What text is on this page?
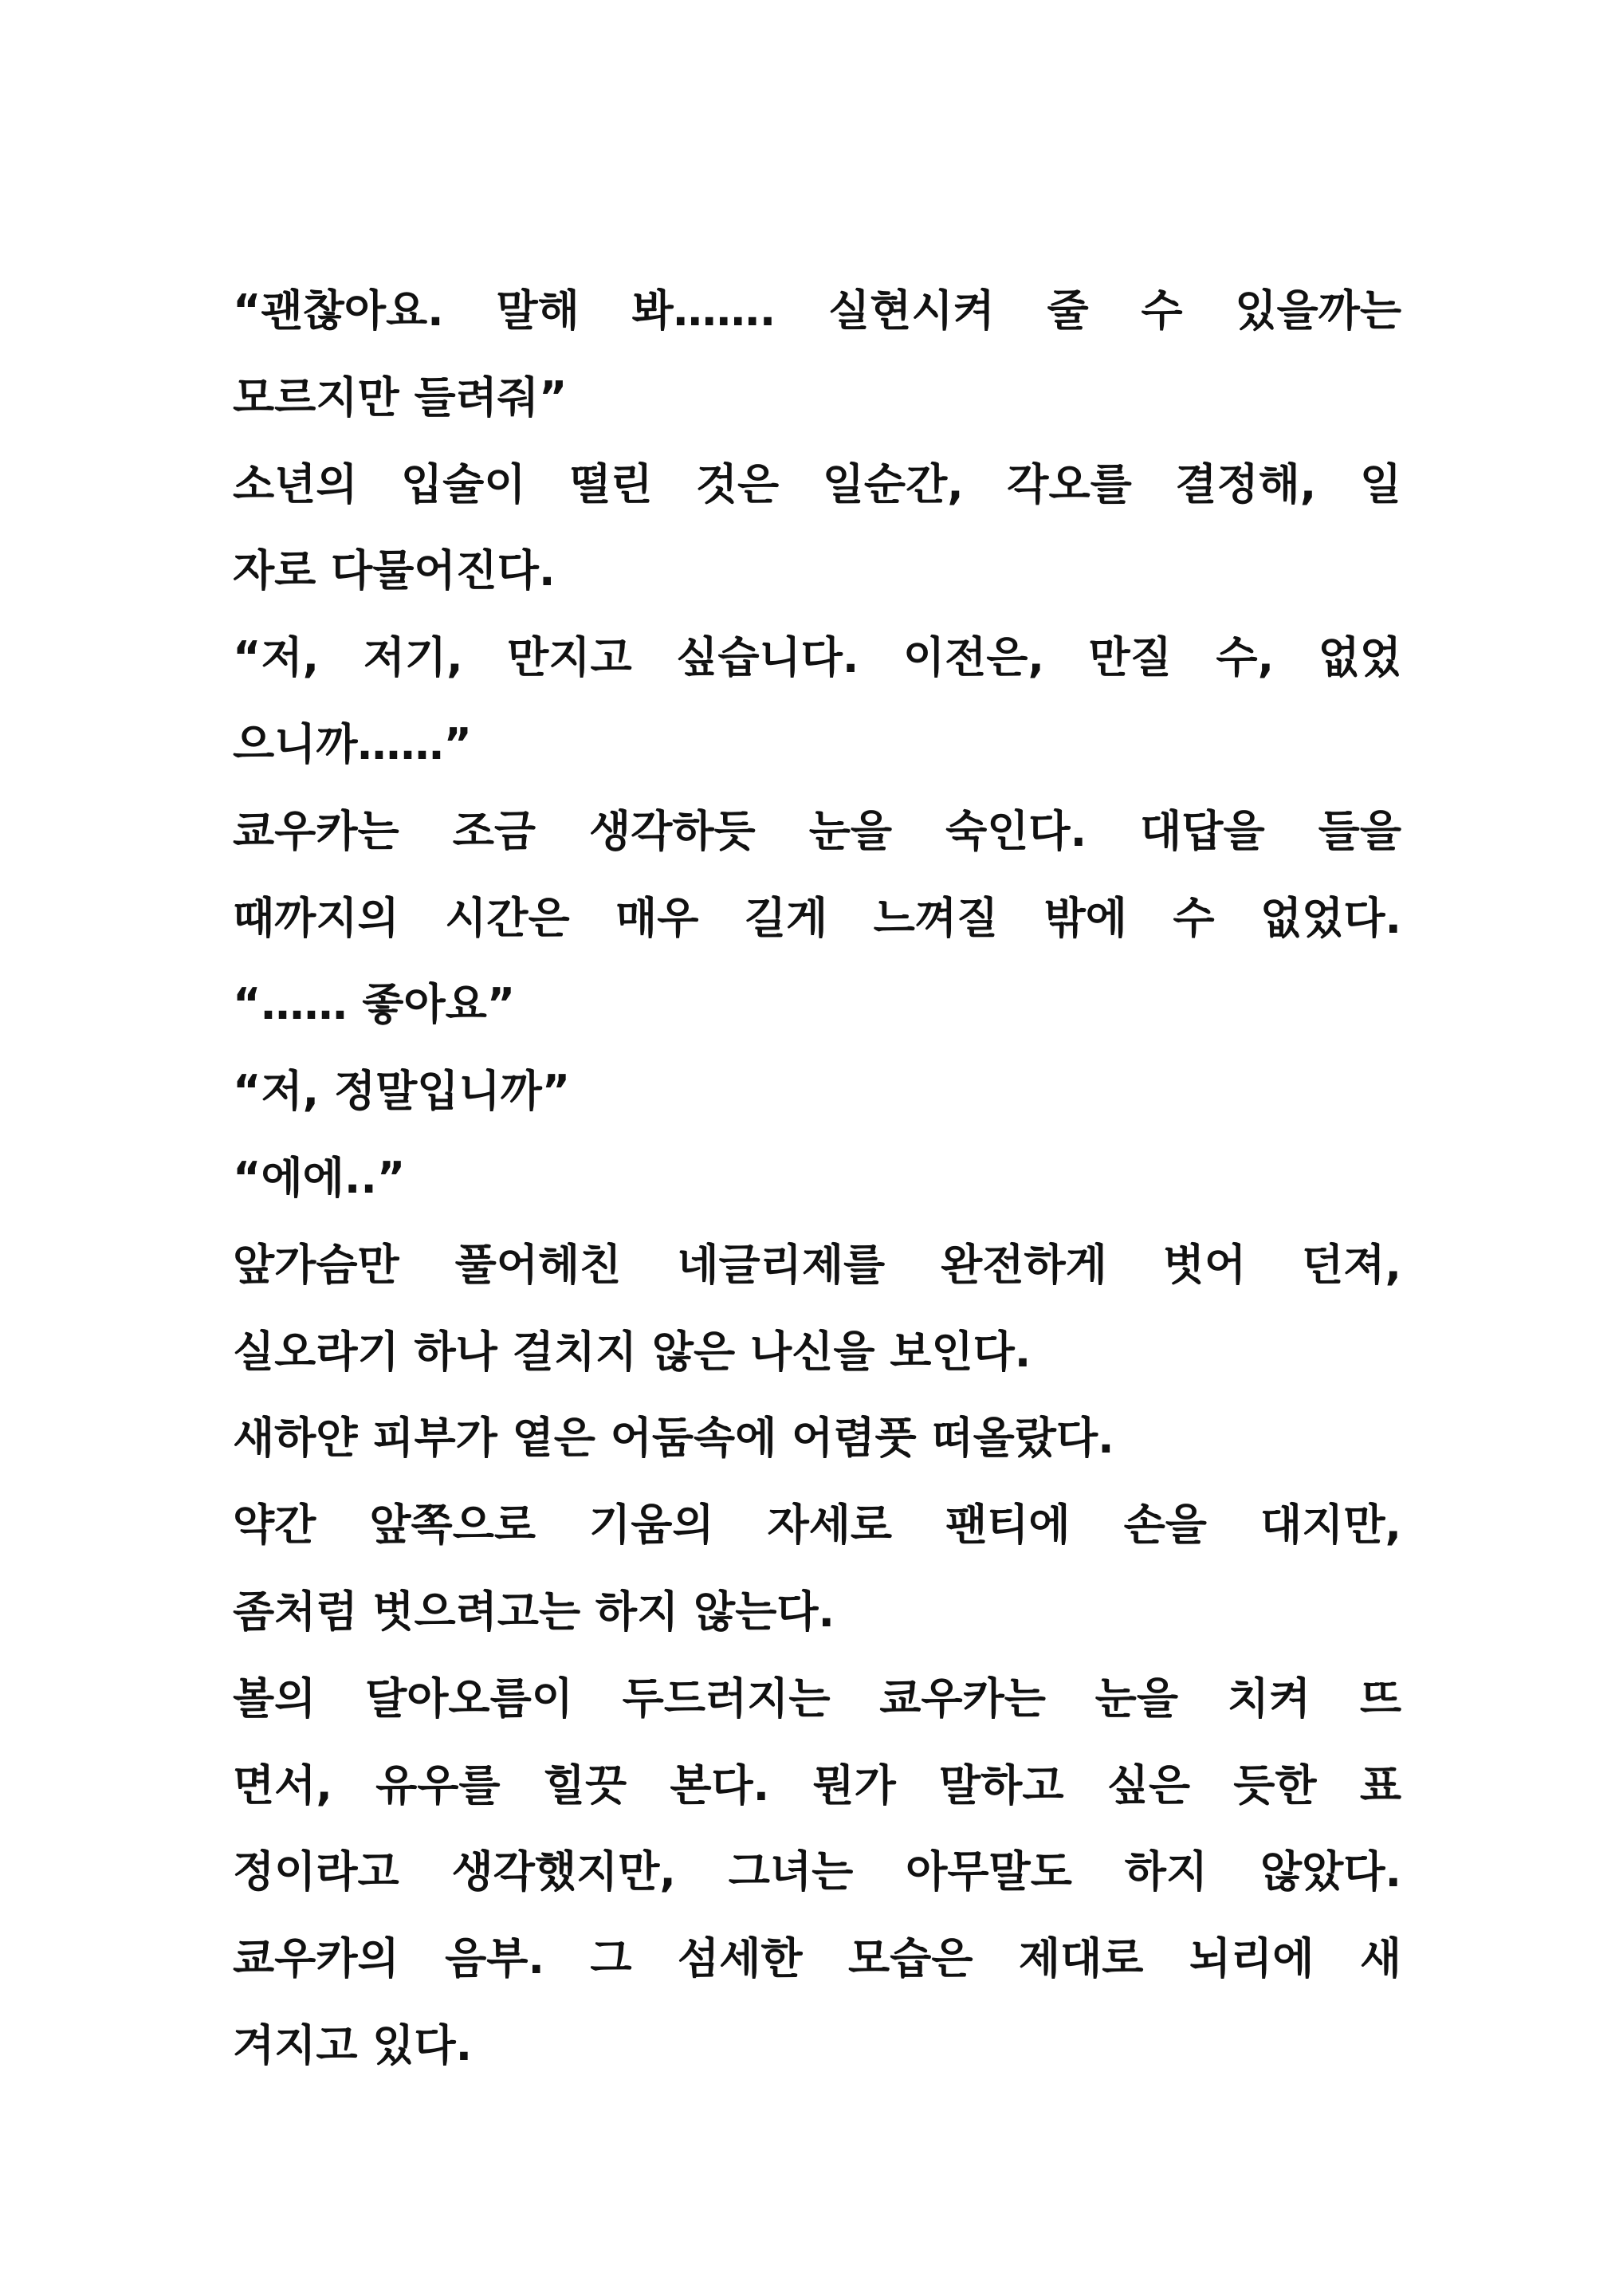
“괜찮아요. 말해 봐……. 실현시켜 줄 수 있을까는
모르지만 들려줘”
소년의 입술이 떨린 것은 일순간, 각오를 결정해, 일
자로 다물어진다.
“저, 저기, 만지고 싶습니다. 이전은, 만질 수, 없었
으니까……”
쿄우카는 조금 생각하듯 눈을 숙인다. 대답을 들을
때까지의 시간은 매우 길게 느껴질 밖에 수 없었다.
“…… 좋아요”
“저, 정말입니까”
“에에..”
앞가슴만 풀어헤친 네글리제를 완전하게 벗어 던져,
실오라기 하나 걸치지 않은 나신을 보인다.
새하얀 피부가 옅은 어둠속에 어렴풋 떠올랐다.
약간 앞쪽으로 기움의 자세로 팬티에 손을 대지만,
좀처럼 벗으려고는 하지 않는다.
볼의 달아오름이 두드러지는 쿄우카는 눈을 치켜 뜨
면서, 유우를 힐끗 본다. 뭔가 말하고 싶은 듯한 표
정이라고 생각했지만, 그녀는 아무말도 하지 않았다.
쿄우카의 음부. 그 섬세한 모습은 제대로 뇌리에 새
겨지고 있다.
